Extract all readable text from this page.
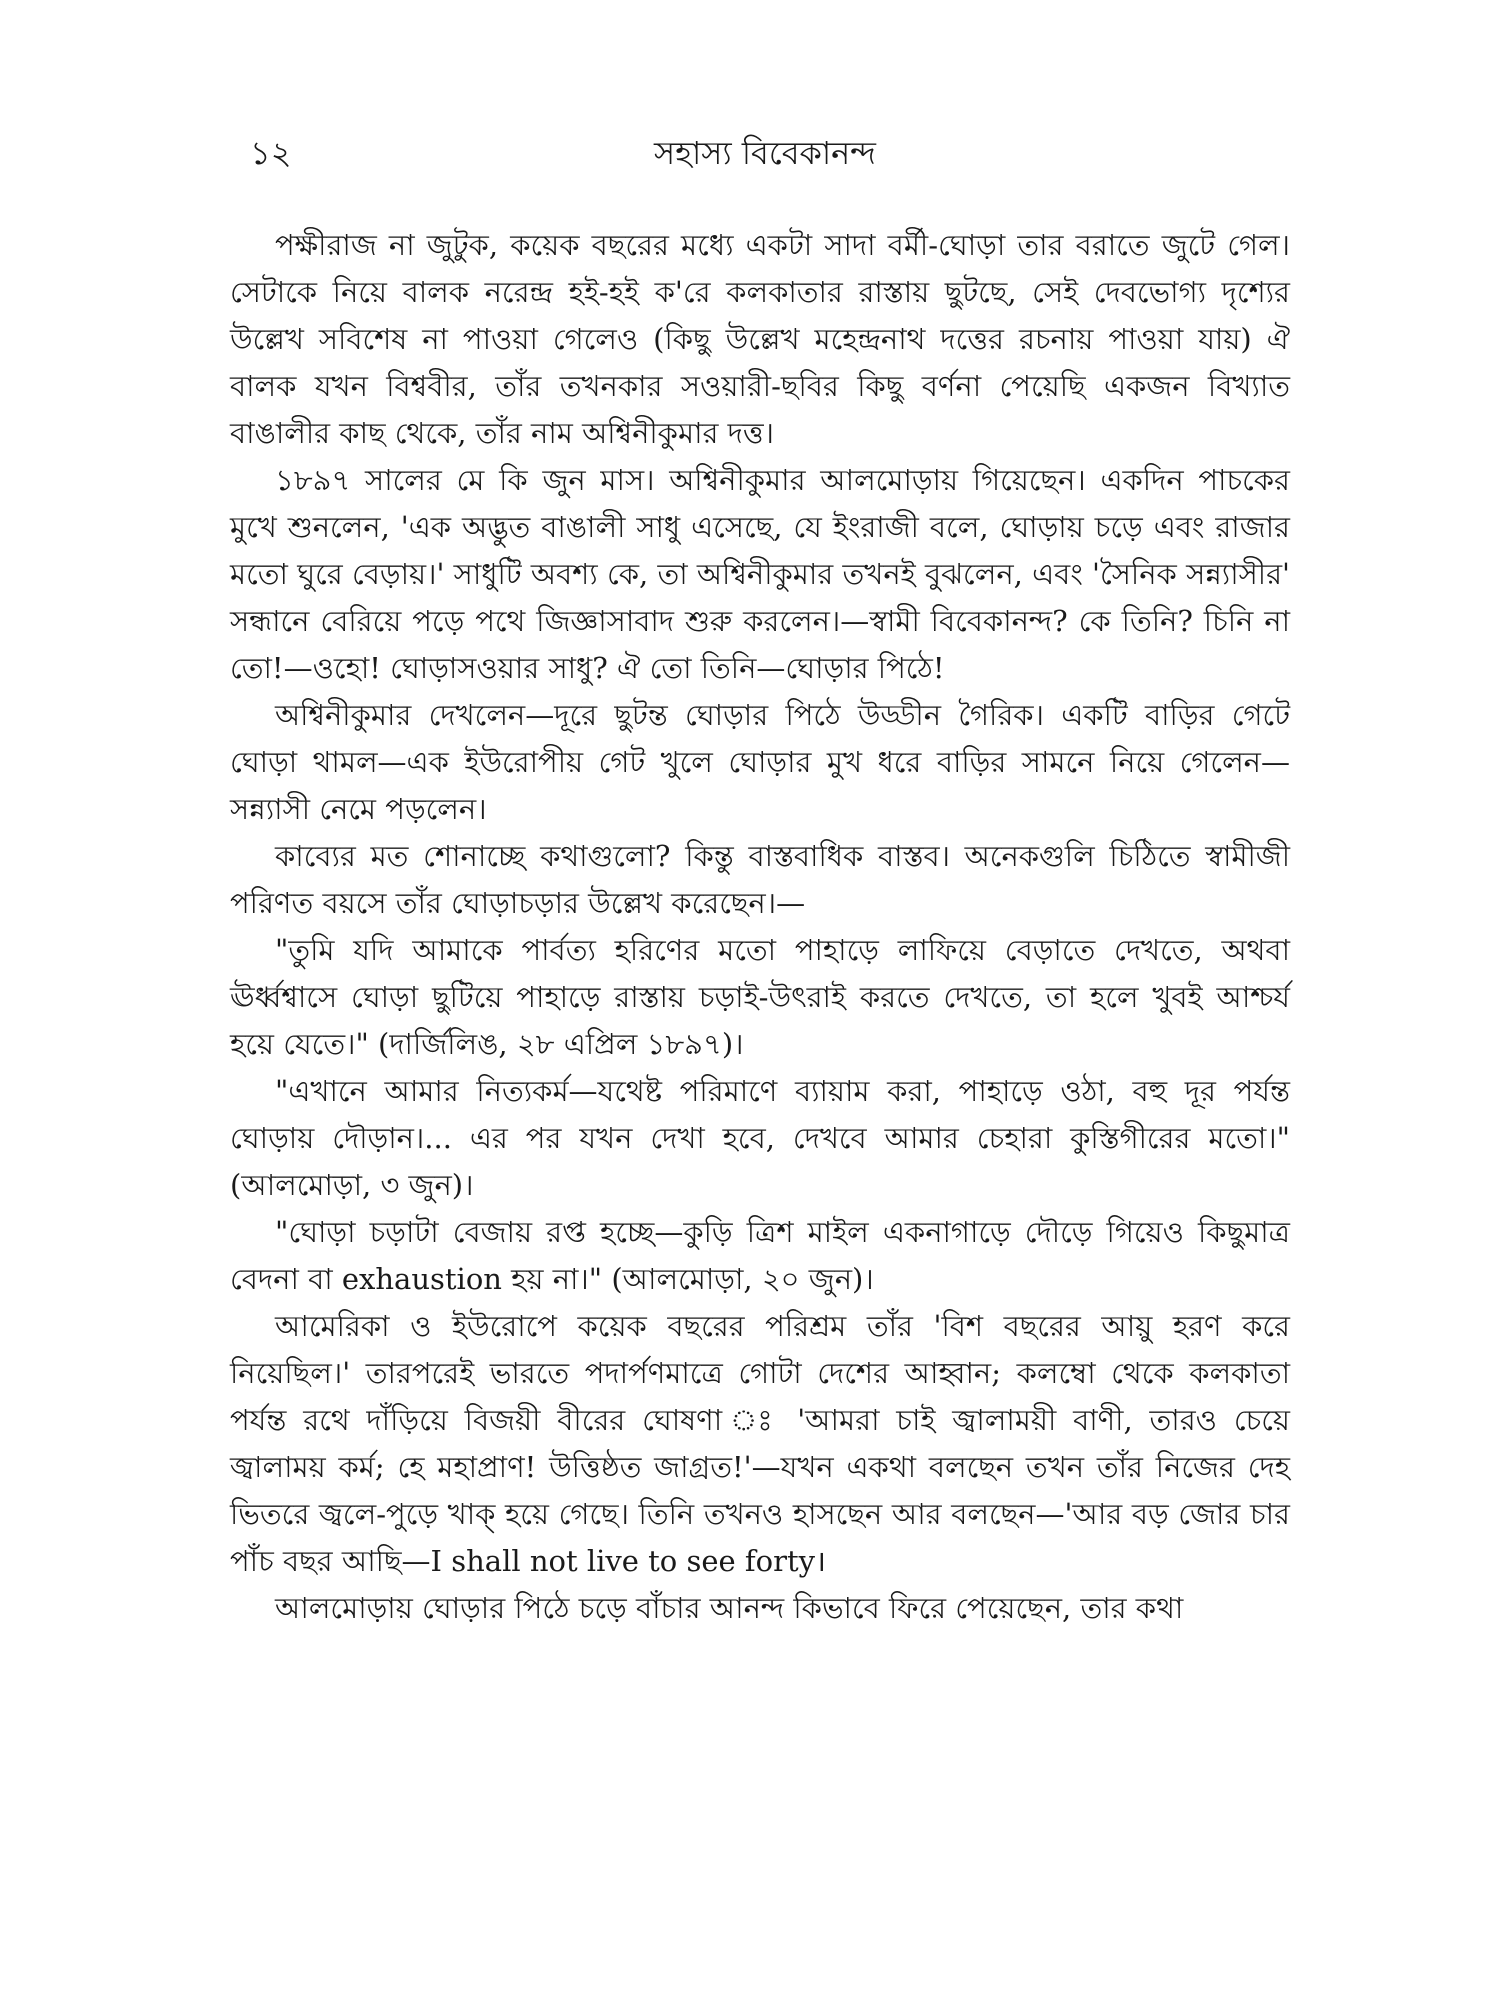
১২	সহাস্য বিবেকানন্দ

পক্ষীরাজ না জুটুক, কয়েক বছরের মধ্যে একটা সাদা বর্মী-ঘোড়া তার বরাতে জুটে গেল। সেটাকে নিয়ে বালক নরেন্দ্র হই-হই ক'রে কলকাতার রাস্তায় ছুটছে, সেই দেবভোগ্য দৃশ্যের উল্লেখ সবিশেষ না পাওয়া গেলেও (কিছু উল্লেখ মহেন্দ্রনাথ দত্তের রচনায় পাওয়া যায়) ঐ বালক যখন বিশ্ববীর, তাঁর তখনকার সওয়ারী-ছবির কিছু বর্ণনা পেয়েছি একজন বিখ্যাত বাঙালীর কাছ থেকে, তাঁর নাম অশ্বিনীকুমার দত্ত।

১৮৯৭ সালের মে কি জুন মাস। অশ্বিনীকুমার আলমোড়ায় গিয়েছেন। একদিন পাচকের মুখে শুনলেন, 'এক অদ্ভুত বাঙালী সাধু এসেছে, যে ইংরাজী বলে, ঘোড়ায় চড়ে এবং রাজার মতো ঘুরে বেড়ায়।' সাধুটি অবশ্য কে, তা অশ্বিনীকুমার তখনই বুঝলেন, এবং 'সৈনিক সন্ন্যাসীর' সন্ধানে বেরিয়ে পড়ে পথে জিজ্ঞাসাবাদ শুরু করলেন।—স্বামী বিবেকানন্দ? কে তিনি? চিনি না তো!—ওহো! ঘোড়াসওয়ার সাধু? ঐ তো তিনি—ঘোড়ার পিঠে!

অশ্বিনীকুমার দেখলেন—দূরে ছুটন্ত ঘোড়ার পিঠে উড্ডীন গৈরিক। একটি বাড়ির গেটে ঘোড়া থামল—এক ইউরোপীয় গেট খুলে ঘোড়ার মুখ ধরে বাড়ির সামনে নিয়ে গেলেন—সন্ন্যাসী নেমে পড়লেন।

কাব্যের মত শোনাচ্ছে কথাগুলো? কিন্তু বাস্তবাধিক বাস্তব। অনেকগুলি চিঠিতে স্বামীজী পরিণত বয়সে তাঁর ঘোড়াচড়ার উল্লেখ করেছেন।—

"তুমি যদি আমাকে পার্বত্য হরিণের মতো পাহাড়ে লাফিয়ে বেড়াতে দেখতে, অথবা ঊর্ধ্বশ্বাসে ঘোড়া ছুটিয়ে পাহাড়ে রাস্তায় চড়াই-উৎরাই করতে দেখতে, তা হলে খুবই আশ্চর্য হয়ে যেতে।" (দার্জিলিঙ, ২৮ এপ্রিল ১৮৯৭)।

"এখানে আমার নিত্যকর্ম—যথেষ্ট পরিমাণে ব্যায়াম করা, পাহাড়ে ওঠা, বহু দূর পর্যন্ত ঘোড়ায় দৌড়ান।... এর পর যখন দেখা হবে, দেখবে আমার চেহারা কুস্তিগীরের মতো।" (আলমোড়া, ৩ জুন)।

"ঘোড়া চড়াটা বেজায় রপ্ত হচ্ছে—কুড়ি ত্রিশ মাইল একনাগাড়ে দৌড়ে গিয়েও কিছুমাত্র বেদনা বা exhaustion হয় না।" (আলমোড়া, ২০ জুন)।

আমেরিকা ও ইউরোপে কয়েক বছরের পরিশ্রম তাঁর 'বিশ বছরের আয়ু হরণ করে নিয়েছিল।' তারপরেই ভারতে পদার্পণমাত্রে গোটা দেশের আহ্বান; কলম্বো থেকে কলকাতা পর্যন্ত রথে দাঁড়িয়ে বিজয়ী বীরের ঘোষণা ঃ 'আমরা চাই জ্বালাময়ী বাণী, তারও চেয়ে জ্বালাময় কর্ম; হে মহাপ্রাণ! উত্তিষ্ঠত জাগ্রত!'—যখন একথা বলছেন তখন তাঁর নিজের দেহ ভিতরে জ্বলে-পুড়ে খাক্ হয়ে গেছে। তিনি তখনও হাসছেন আর বলছেন—'আর বড় জোর চার পাঁচ বছর আছি—I shall not live to see forty।

আলমোড়ায় ঘোড়ার পিঠে চড়ে বাঁচার আনন্দ কিভাবে ফিরে পেয়েছেন, তার কথা
